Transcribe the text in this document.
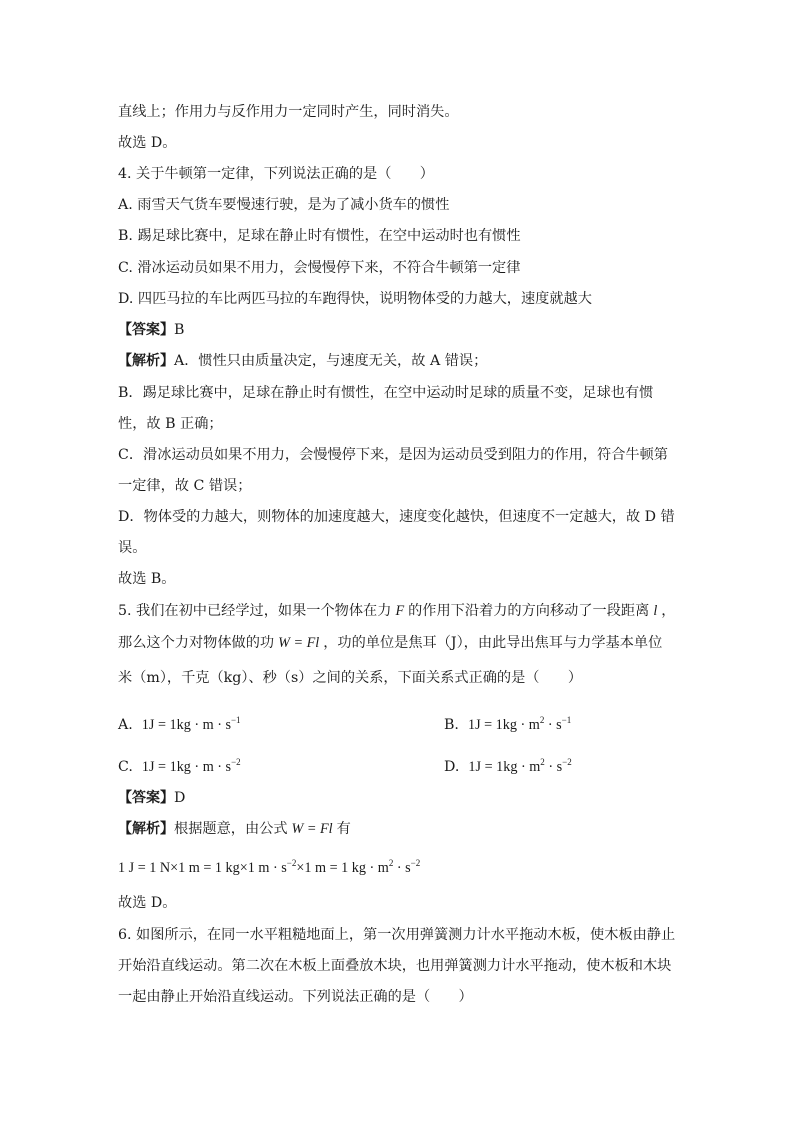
直线上；作用力与反作用力一定同时产生，同时消失。
故选 D。
4. 关于牛顿第一定律，下列说法正确的是（　　）
A. 雨雪天气货车要慢速行驶，是为了减小货车的惯性
B. 踢足球比赛中，足球在静止时有惯性，在空中运动时也有惯性
C. 滑冰运动员如果不用力，会慢慢停下来，不符合牛顿第一定律
D. 四匹马拉的车比两匹马拉的车跑得快，说明物体受的力越大，速度就越大
【答案】B
【解析】A．惯性只由质量决定，与速度无关，故 A 错误；
B．踢足球比赛中，足球在静止时有惯性，在空中运动时足球的质量不变，足球也有惯
性，故 B 正确；
C．滑冰运动员如果不用力，会慢慢停下来，是因为运动员受到阻力的作用，符合牛顿第
一定律，故 C 错误；
D．物体受的力越大，则物体的加速度越大，速度变化越快，但速度不一定越大，故 D 错
误。
故选 B。
5. 我们在初中已经学过，如果一个物体在力 F 的作用下沿着力的方向移动了一段距离 l ，
那么这个力对物体做的功 W = Fl ，功的单位是焦耳（J），由此导出焦耳与力学基本单位
米（m），千克（kg）、秒（s）之间的关系，下面关系式正确的是（　　）
A. $1J = 1kg \cdot m \cdot s^{-1}$	B. $1J = 1kg \cdot m^2 \cdot s^{-1}$
C. $1J = 1kg \cdot m \cdot s^{-2}$	D. $1J = 1kg \cdot m^2 \cdot s^{-2}$
【答案】D
【解析】根据题意，由公式 W = Fl 有
1 J = 1 N×1 m = 1 kg×1 $m \cdot s^{-2}\times 1$ m = 1 kg · $m^2 \cdot s^{-2}$
故选 D。
6. 如图所示，在同一水平粗糙地面上，第一次用弹簧测力计水平拖动木板，使木板由静止
开始沿直线运动。第二次在木板上面叠放木块，也用弹簧测力计水平拖动，使木板和木块
一起由静止开始沿直线运动。下列说法正确的是（　　）
